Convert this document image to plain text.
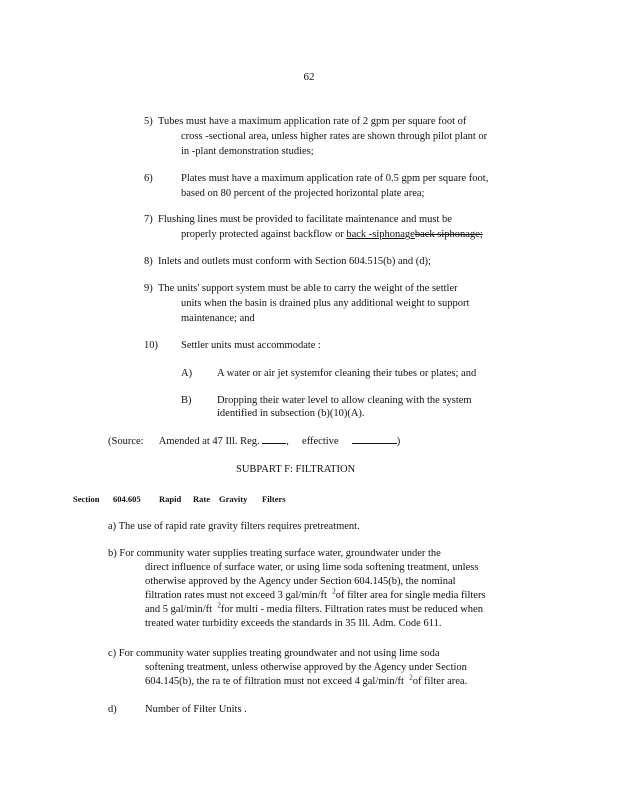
62
5) Tubes must have a maximum application rate of 2 gpm per square foot of
cross -sectional area, unless higher rates are shown through pilot plant or
in -plant demonstration studies;
6)	Plates must have a maximum application rate of 0.5 gpm per square foot,
based on 80 percent of the projected horizontal plate area;
7) Flushing lines must be provided to facilitate maintenance and must be
properly protected against backflow or back -siphonageback siphonage;
8) Inlets and outlets must conform with Section 604.515(b) and (d);
9) The units' support system must be able to carry the weight of the settler
units when the basin is drained plus any additional weight to support
maintenance; and
10) Settler units must accommodate :
A) A water or air jet systemfor cleaning their tubes or plates; and
B) Dropping their water level to allow cleaning with the system
identified in subsection (b)(10)(A).
(Source: Amended at 47 Ill. Reg.	, effective	)
SUBPART F: FILTRATION
Section 604.605 Rapid Rate Gravity Filters
a) The use of rapid rate gravity filters requires pretreatment.
b) For community water supplies treating surface water, groundwater under the
direct influence of surface water, or using lime soda softening treatment, unless
otherwise approved by the Agency under Section 604.145(b), the nominal
filtration rates must not exceed 3 gal/min/ft $^2$of filter area for single media filters
and 5 gal/min/ft $^2$for multi - media filters. Filtration rates must be reduced when
treated water turbidity exceeds the standards in 35 Ill. Adm. Code 611.
c) For community water supplies treating groundwater and not using lime soda
softening treatment, unless otherwise approved by the Agency under Section
604.145(b), the ra te of filtration must not exceed 4 gal/min/ft $^2$of filter area.
d)	Number of Filter Units .
